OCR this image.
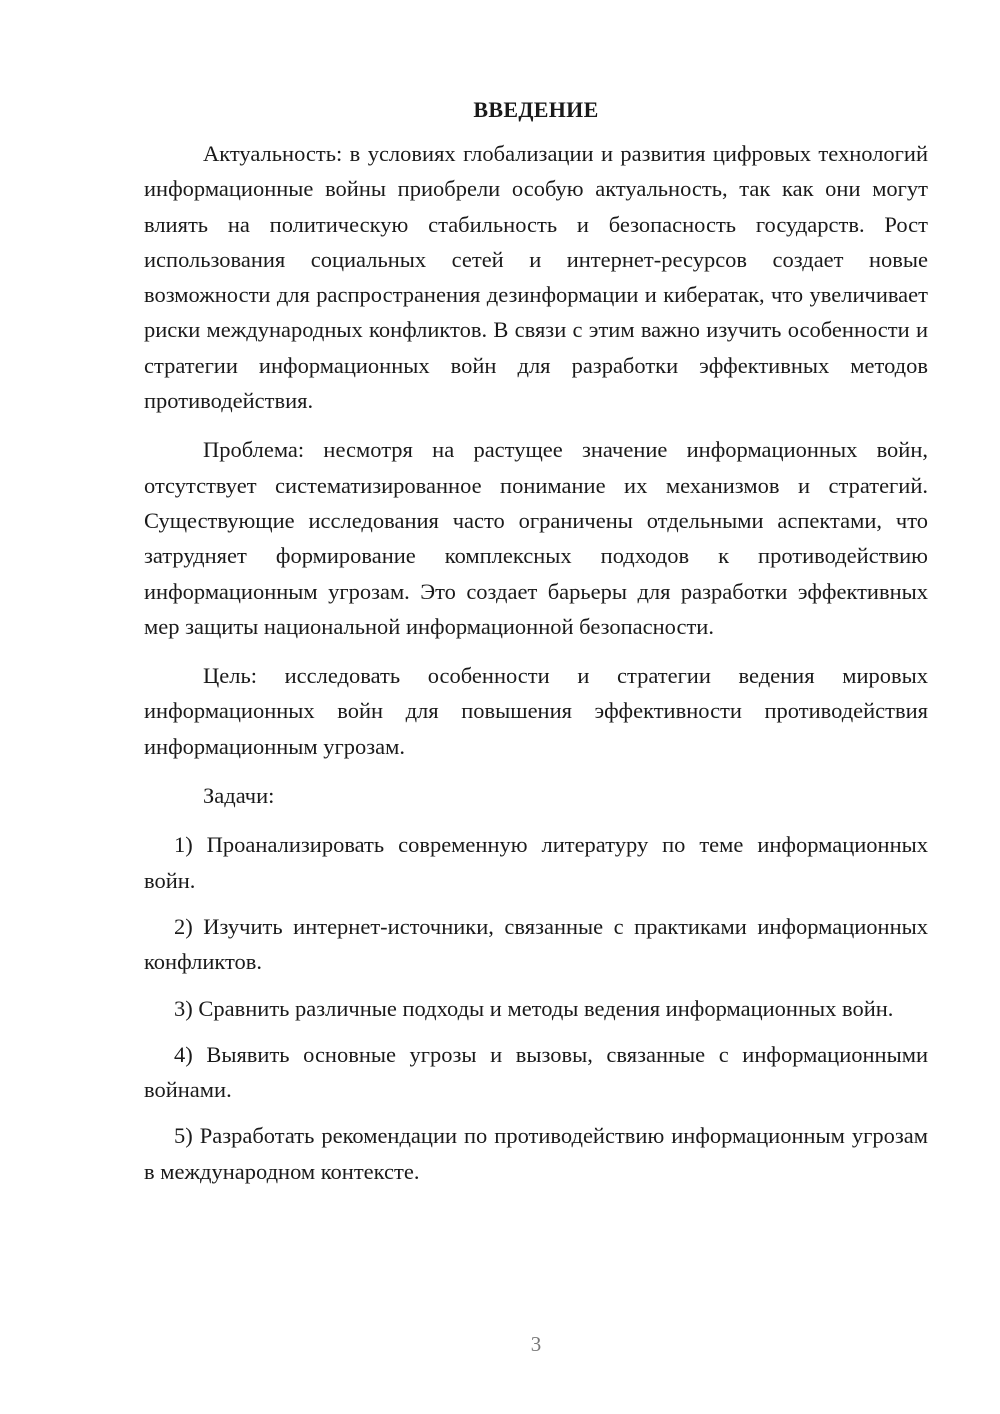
ВВЕДЕНИЕ

Актуальность: в условиях глобализации и развития цифровых технологий информационные войны приобрели особую актуальность, так как они могут влиять на политическую стабильность и безопасность государств. Рост использования социальных сетей и интернет-ресурсов создает новые возможности для распространения дезинформации и кибератак, что увеличивает риски международных конфликтов. В связи с этим важно изучить особенности и стратегии информационных войн для разработки эффективных методов противодействия.

Проблема: несмотря на растущее значение информационных войн, отсутствует систематизированное понимание их механизмов и стратегий. Существующие исследования часто ограничены отдельными аспектами, что затрудняет формирование комплексных подходов к противодействию информационным угрозам. Это создает барьеры для разработки эффективных мер защиты национальной информационной безопасности.

Цель: исследовать особенности и стратегии ведения мировых информационных войн для повышения эффективности противодействия информационным угрозам.

Задачи:

1) Проанализировать современную литературу по теме информационных войн.

2) Изучить интернет-источники, связанные с практиками информационных конфликтов.

3) Сравнить различные подходы и методы ведения информационных войн.

4) Выявить основные угрозы и вызовы, связанные с информационными войнами.

5) Разработать рекомендации по противодействию информационным угрозам в международном контексте.

3
